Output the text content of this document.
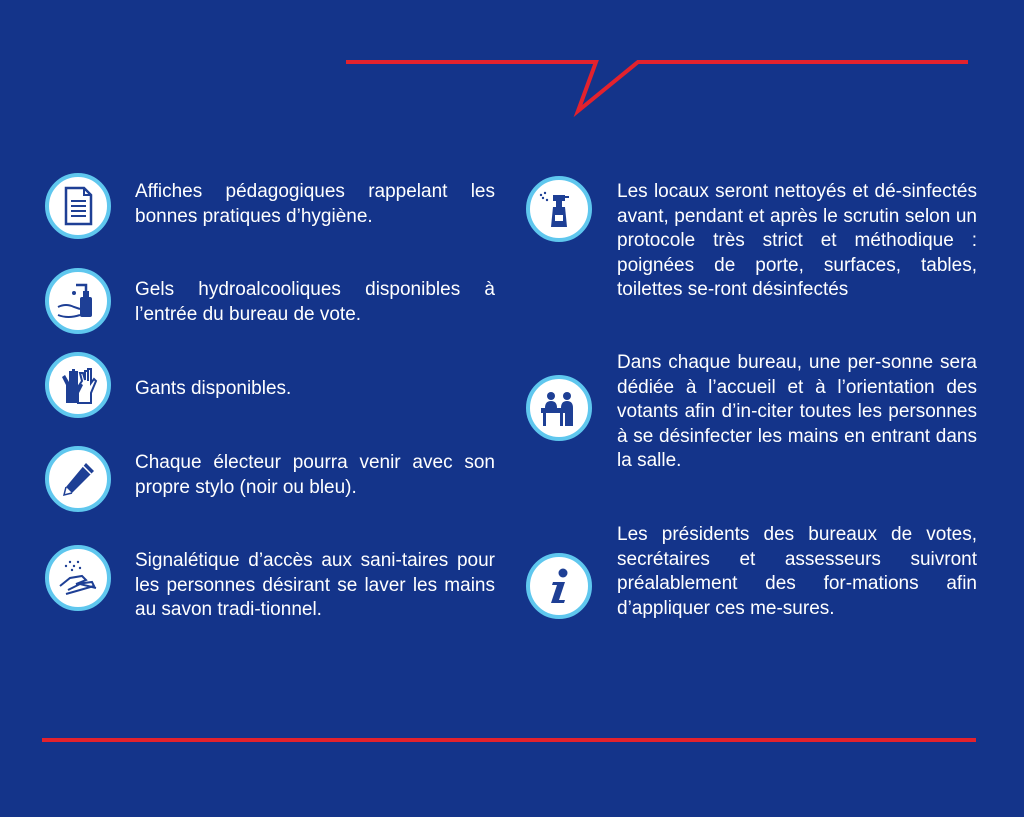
Affiches pédagogiques rappelant les bonnes pratiques d’hygiène.
Gels hydroalcooliques disponibles à l’entrée du bureau de vote.
Gants disponibles.
Chaque électeur pourra venir avec son propre stylo (noir ou bleu).
Signalétique d’accès aux sani-taires pour les personnes désirant se laver les mains au savon tradi-tionnel.
Les locaux seront nettoyés et dé-sinfectés avant, pendant et après le scrutin selon un protocole très strict et méthodique : poignées de porte, surfaces, tables, toilettes se-ront désinfectés
Dans chaque bureau, une per-sonne sera dédiée à l’accueil et à l’orientation des votants afin d’in-citer toutes les personnes à se désinfecter les mains en entrant dans la salle.
Les présidents des bureaux de votes, secrétaires et assesseurs suivront préalablement des for-mations afin d’appliquer ces me-sures.
